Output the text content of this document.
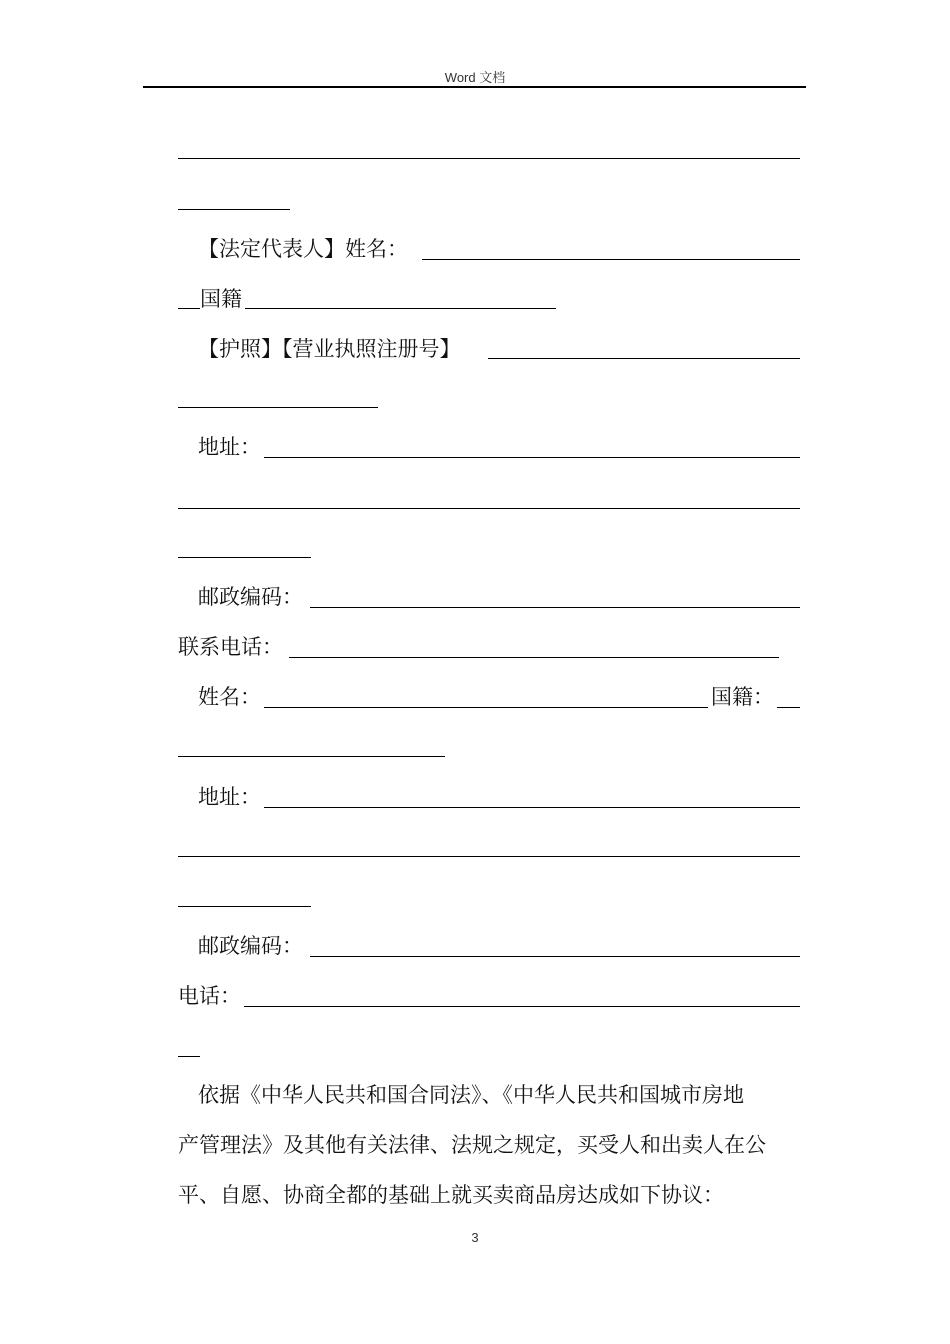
Word 文档
【法定代表人】姓名：
国籍
【护照】【营业执照注册号】
地址：
邮政编码：
联系电话：
姓名：	国籍：
地址：
邮政编码：
电话：
依据《中华人民共和国合同法》、《中华人民共和国城市房地
产管理法》及其他有关法律、法规之规定，买受人和出卖人在公
平、自愿、协商全都的基础上就买卖商品房达成如下协议：
3
